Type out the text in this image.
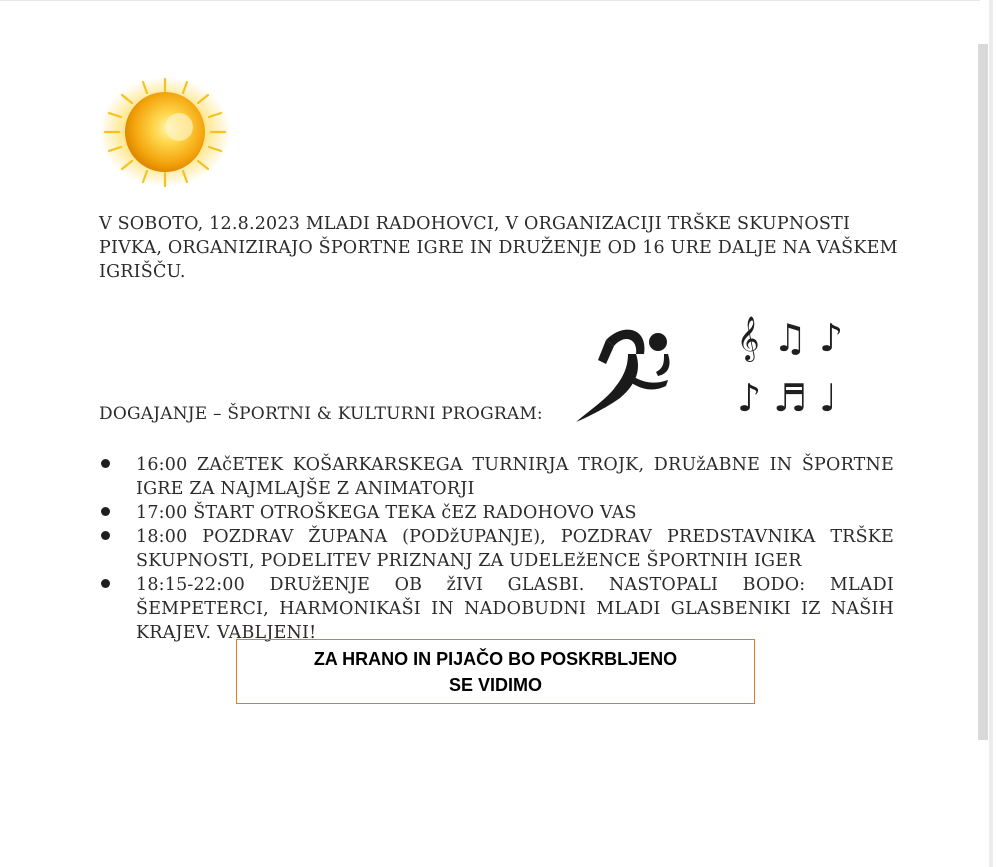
V SOBOTO, 12.8.2023 MLADI RADOHOVCI, V ORGANIZACIJI TRŠKE SKUPNOSTI PIVKA, ORGANIZIRAJO ŠPORTNE IGRE IN DRUŽENJE OD 16 URE DALJE NA VAŠKEM IGRIŠČU.
𝄞 ♫ ♪
♪ ♬ ♩
DOGAJANJE – ŠPORTNI & KULTURNI PROGRAM:
16:00 ZAčETEK KOŠARKARSKEGA TURNIRJA TROJK, DRUžABNE IN ŠPORTNE IGRE ZA NAJMLAJŠE Z ANIMATORJI
17:00 ŠTART OTROŠKEGA TEKA čEZ RADOHOVO VAS
18:00 POZDRAV ŽUPANA (PODžUPANJE), POZDRAV PREDSTAVNIKA TRŠKE SKUPNOSTI, PODELITEV PRIZNANJ ZA UDELEžENCE ŠPORTNIH IGER
18:15-22:00 DRUžENJE OB žIVI GLASBI. NASTOPALI BODO: MLADI ŠEMPETERCI, HARMONIKAŠI IN NADOBUDNI MLADI GLASBENIKI IZ NAŠIH KRAJEV. VABLJENI!
ZA HRANO IN PIJAČO BO POSKRBLJENO
SE VIDIMO
